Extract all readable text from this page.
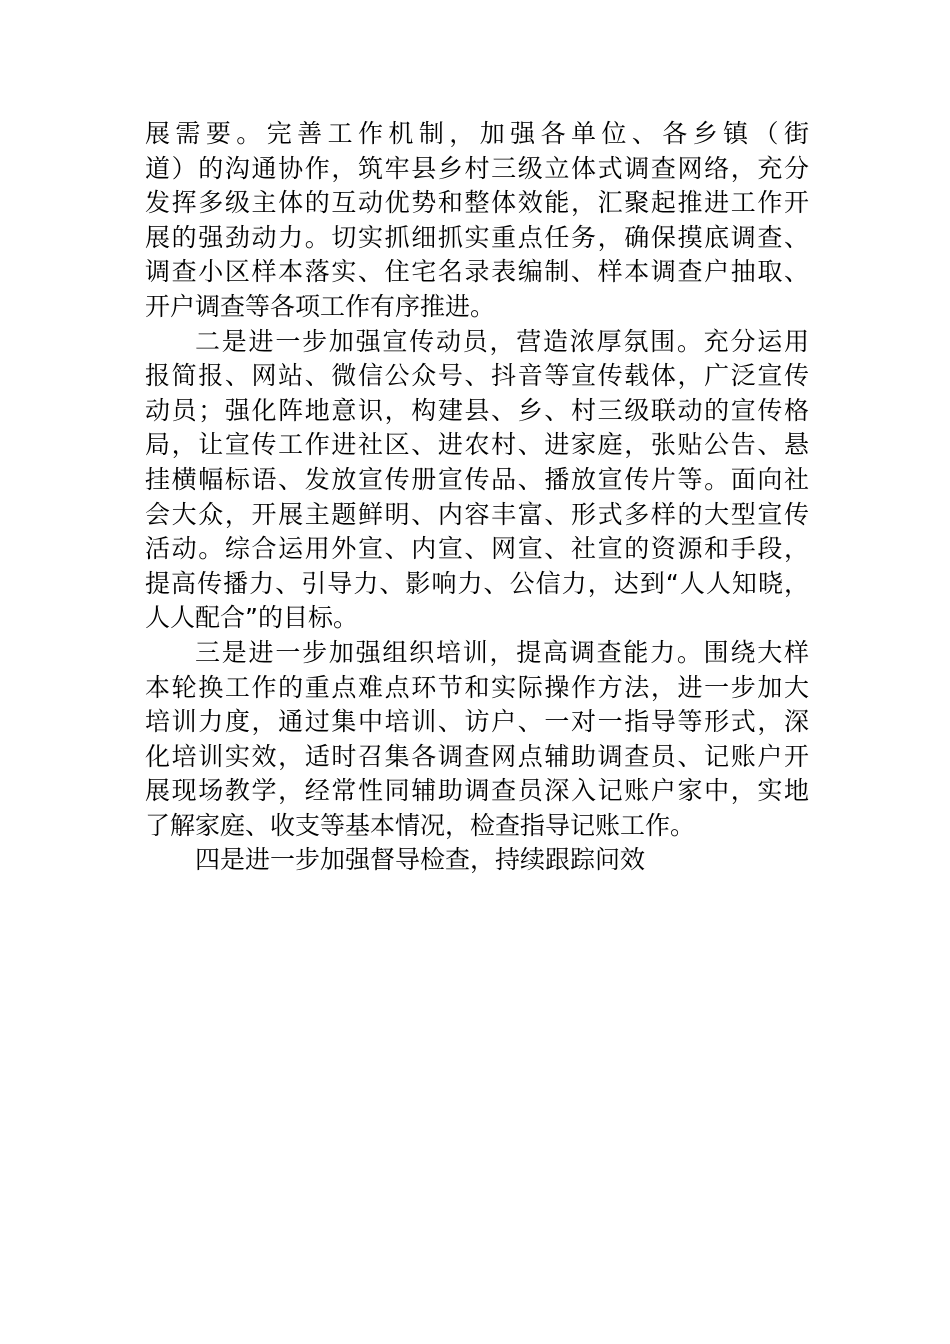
展需要。完善工作机制，加强各单位、各乡镇（街
道）的沟通协作，筑牢县乡村三级立体式调查网络，充分
发挥多级主体的互动优势和整体效能，汇聚起推进工作开
展的强劲动力。切实抓细抓实重点任务，确保摸底调查、
调查小区样本落实、住宅名录表编制、样本调查户抽取、
开户调查等各项工作有序推进。
二是进一步加强宣传动员，营造浓厚氛围。充分运用
报简报、网站、微信公众号、抖音等宣传载体，广泛宣传
动员；强化阵地意识，构建县、乡、村三级联动的宣传格
局，让宣传工作进社区、进农村、进家庭，张贴公告、悬
挂横幅标语、发放宣传册宣传品、播放宣传片等。面向社
会大众，开展主题鲜明、内容丰富、形式多样的大型宣传
活动。综合运用外宣、内宣、网宣、社宣的资源和手段，
提高传播力、引导力、影响力、公信力，达到“人人知晓，
人人配合”的目标。
三是进一步加强组织培训，提高调查能力。围绕大样
本轮换工作的重点难点环节和实际操作方法，进一步加大
培训力度，通过集中培训、访户、一对一指导等形式，深
化培训实效，适时召集各调查网点辅助调查员、记账户开
展现场教学，经常性同辅助调查员深入记账户家中，实地
了解家庭、收支等基本情况，检查指导记账工作。
四是进一步加强督导检查，持续跟踪问效
